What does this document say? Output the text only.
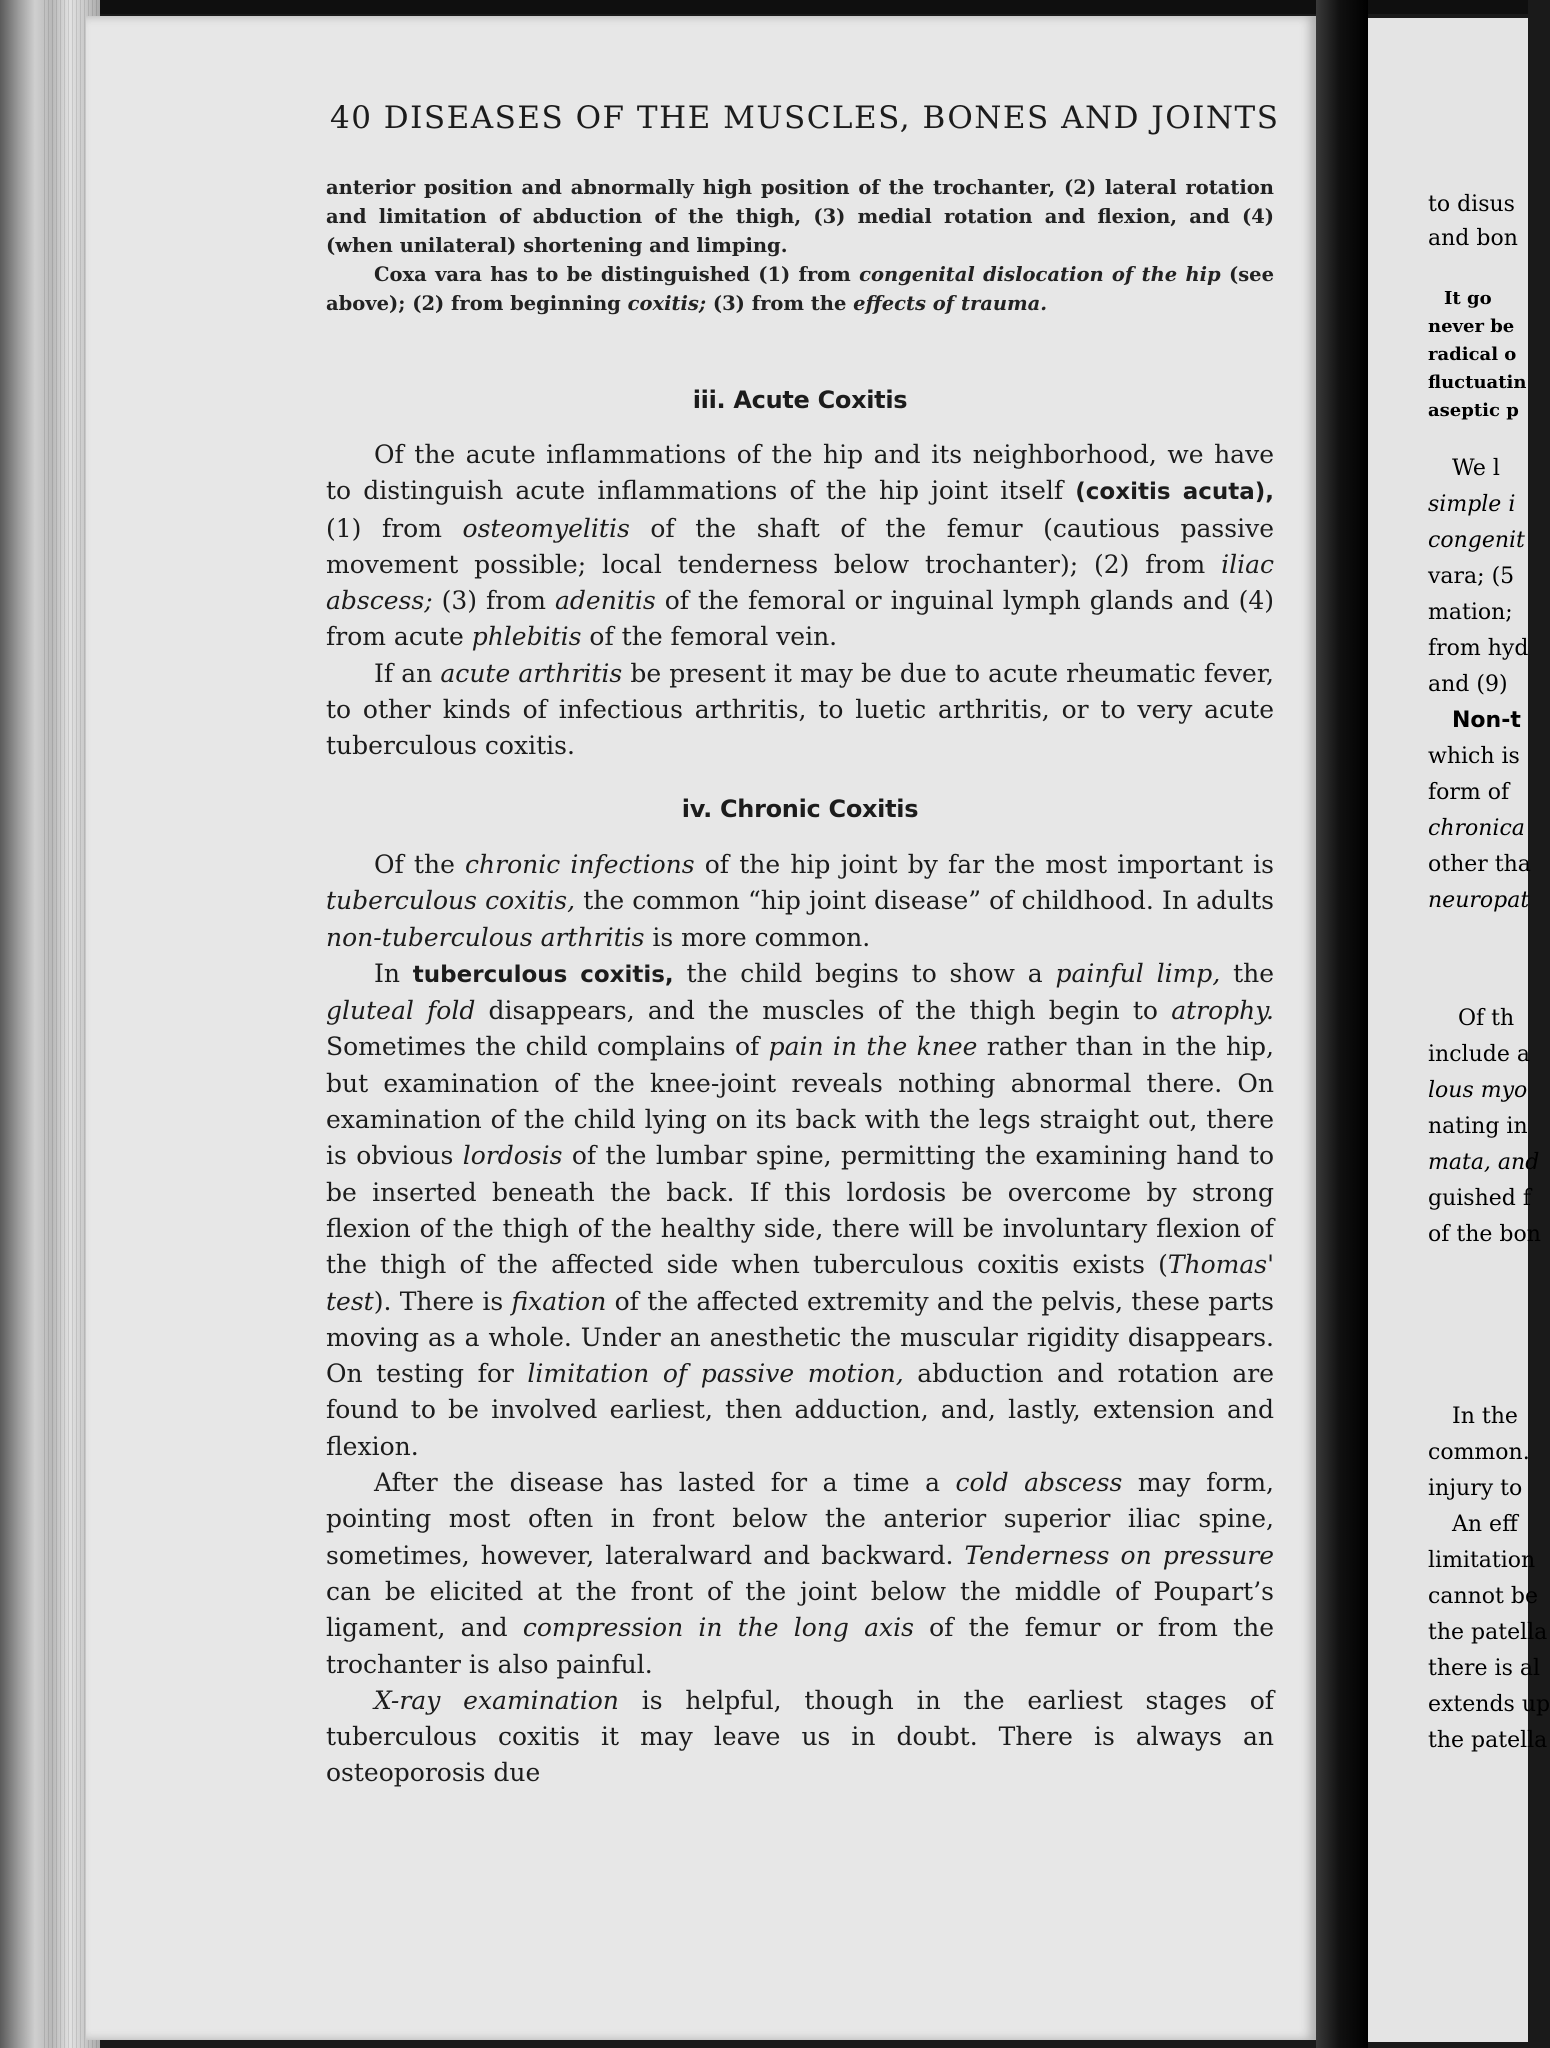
40 DISEASES OF THE MUSCLES, BONES AND JOINTS

anterior position and abnormally high position of the trochanter, (2) lateral rotation and limitation of abduction of the thigh, (3) medial rotation and flexion, and (4) (when unilateral) shortening and limping.

Coxa vara has to be distinguished (1) from congenital dislocation of the hip (see above); (2) from beginning coxitis; (3) from the effects of trauma.

iii. Acute Coxitis

Of the acute inflammations of the hip and its neighborhood, we have to distinguish acute inflammations of the hip joint itself (coxitis acuta), (1) from osteomyelitis of the shaft of the femur (cautious passive movement possible; local tenderness below trochanter); (2) from iliac abscess; (3) from adenitis of the femoral or inguinal lymph glands and (4) from acute phlebitis of the femoral vein.

If an acute arthritis be present it may be due to acute rheumatic fever, to other kinds of infectious arthritis, to luetic arthritis, or to very acute tuberculous coxitis.

iv. Chronic Coxitis

Of the chronic infections of the hip joint by far the most important is tuberculous coxitis, the common “hip joint disease” of childhood. In adults non-tuberculous arthritis is more common.

In tuberculous coxitis, the child begins to show a painful limp, the gluteal fold disappears, and the muscles of the thigh begin to atrophy. Sometimes the child complains of pain in the knee rather than in the hip, but examination of the knee-joint reveals nothing abnormal there. On examination of the child lying on its back with the legs straight out, there is obvious lordosis of the lumbar spine, permitting the examining hand to be inserted beneath the back. If this lordosis be overcome by strong flexion of the thigh of the healthy side, there will be involuntary flexion of the thigh of the affected side when tuberculous coxitis exists (Thomas' test). There is fixation of the affected extremity and the pelvis, these parts moving as a whole. Under an anesthetic the muscular rigidity disappears. On testing for limitation of passive motion, abduction and rotation are found to be involved earliest, then adduction, and, lastly, extension and flexion.

After the disease has lasted for a time a cold abscess may form, pointing most often in front below the anterior superior iliac spine, sometimes, however, lateralward and backward. Tenderness on pressure can be elicited at the front of the joint below the middle of Poupart’s ligament, and compression in the long axis of the femur or from the trochanter is also painful.

X-ray examination is helpful, though in the earliest stages of tuberculous coxitis it may leave us in doubt. There is always an osteoporosis due

to disus
and bon
It go
never be
radical o
fluctuatin
aseptic p
We l
simple i
congenit
vara; (5
mation;
from hyd
and (9)
Non-t
which is
form of
chronica
other tha
neuropat
Of th
include a
lous myo
nating in
mata, and
guished f
of the bon
In the
common.
injury to
An eff
limitation
cannot be
the patella
there is al
extends up
the patella
